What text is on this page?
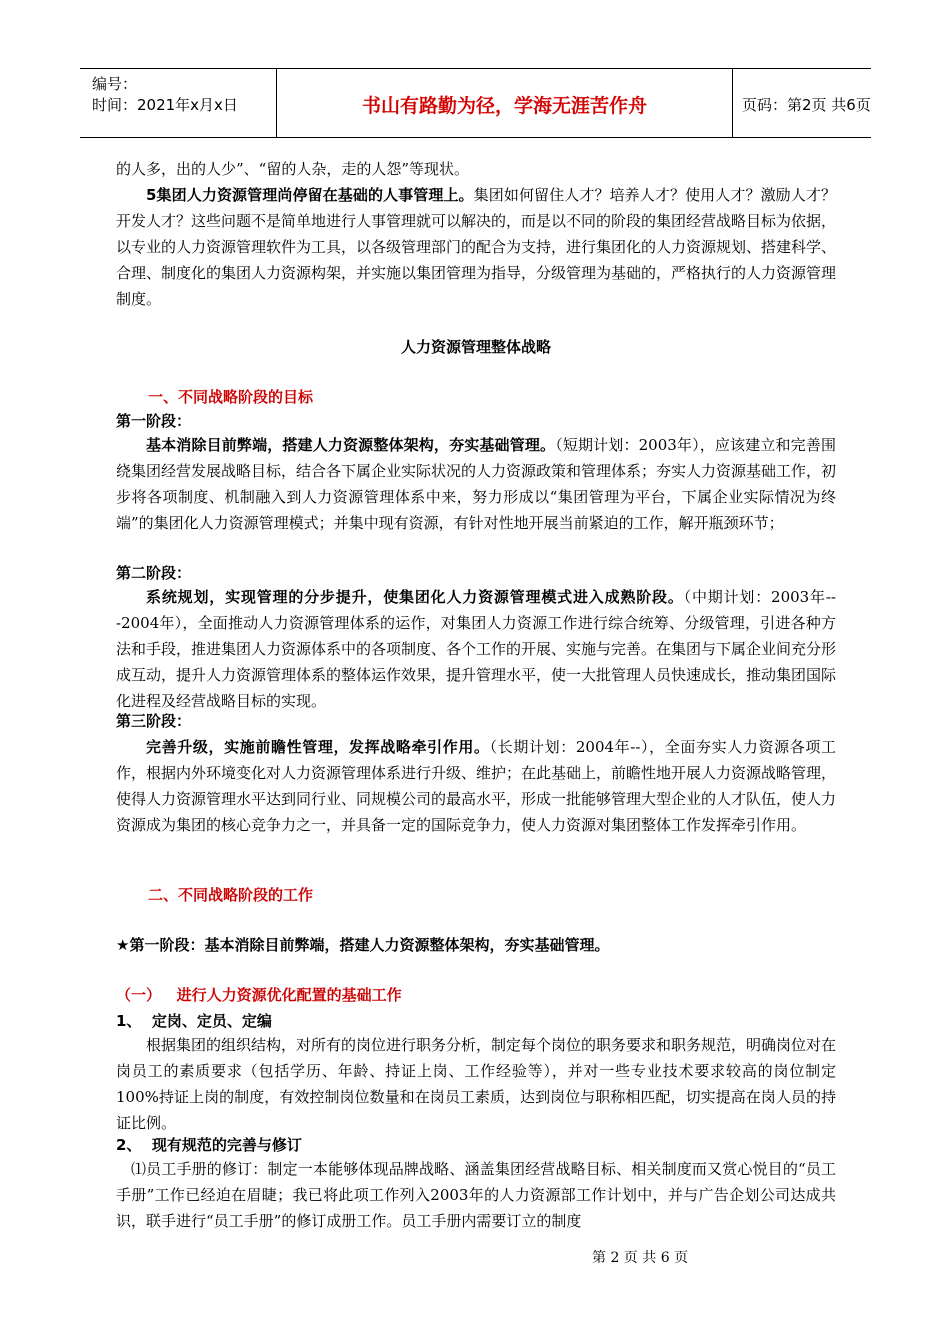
编号：
时间：2021年x月x日	书山有路勤为径，学海无涯苦作舟	页码：第2页 共6页
的人多，出的人少”、“留的人杂，走的人怨”等现状。
5集团人力资源管理尚停留在基础的人事管理上。集团如何留住人才？培养人才？使用人才？激励人才？开发人才？这些问题不是简单地进行人事管理就可以解决的，而是以不同的阶段的集团经营战略目标为依据，以专业的人力资源管理软件为工具，以各级管理部门的配合为支持，进行集团化的人力资源规划、搭建科学、合理、制度化的集团人力资源构架，并实施以集团管理为指导，分级管理为基础的，严格执行的人力资源管理制度。
人力资源管理整体战略
一、不同战略阶段的目标
第一阶段：
基本消除目前弊端，搭建人力资源整体架构，夯实基础管理。（短期计划：2003年），应该建立和完善围绕集团经营发展战略目标，结合各下属企业实际状况的人力资源政策和管理体系；夯实人力资源基础工作，初步将各项制度、机制融入到人力资源管理体系中来，努力形成以“集团管理为平台，下属企业实际情况为终端”的集团化人力资源管理模式；并集中现有资源，有针对性地开展当前紧迫的工作，解开瓶颈环节；
第二阶段：
系统规划，实现管理的分步提升，使集团化人力资源管理模式进入成熟阶段。（中期计划：2003年---2004年），全面推动人力资源管理体系的运作，对集团人力资源工作进行综合统筹、分级管理，引进各种方法和手段，推进集团人力资源体系中的各项制度、各个工作的开展、实施与完善。在集团与下属企业间充分形成互动，提升人力资源管理体系的整体运作效果，提升管理水平，使一大批管理人员快速成长，推动集团国际化进程及经营战略目标的实现。
第三阶段：
完善升级，实施前瞻性管理，发挥战略牵引作用。（长期计划：2004年--），全面夯实人力资源各项工作，根据内外环境变化对人力资源管理体系进行升级、维护；在此基础上，前瞻性地开展人力资源战略管理，使得人力资源管理水平达到同行业、同规模公司的最高水平，形成一批能够管理大型企业的人才队伍，使人力资源成为集团的核心竞争力之一，并具备一定的国际竞争力，使人力资源对集团整体工作发挥牵引作用。
二、不同战略阶段的工作
★第一阶段：基本消除目前弊端，搭建人力资源整体架构，夯实基础管理。
（一）   进行人力资源优化配置的基础工作
1、  定岗、定员、定编
根据集团的组织结构，对所有的岗位进行职务分析，制定每个岗位的职务要求和职务规范，明确岗位对在岗员工的素质要求（包括学历、年龄、持证上岗、工作经验等），并对一些专业技术要求较高的岗位制定100%持证上岗的制度，有效控制岗位数量和在岗员工素质，达到岗位与职称相匹配，切实提高在岗人员的持证比例。
2、  现有规范的完善与修订
⑴员工手册的修订：制定一本能够体现品牌战略、涵盖集团经营战略目标、相关制度而又赏心悦目的“员工手册”工作已经迫在眉睫；我已将此项工作列入2003年的人力资源部工作计划中，并与广告企划公司达成共识，联手进行“员工手册”的修订成册工作。员工手册内需要订立的制度
第 2 页 共 6 页
